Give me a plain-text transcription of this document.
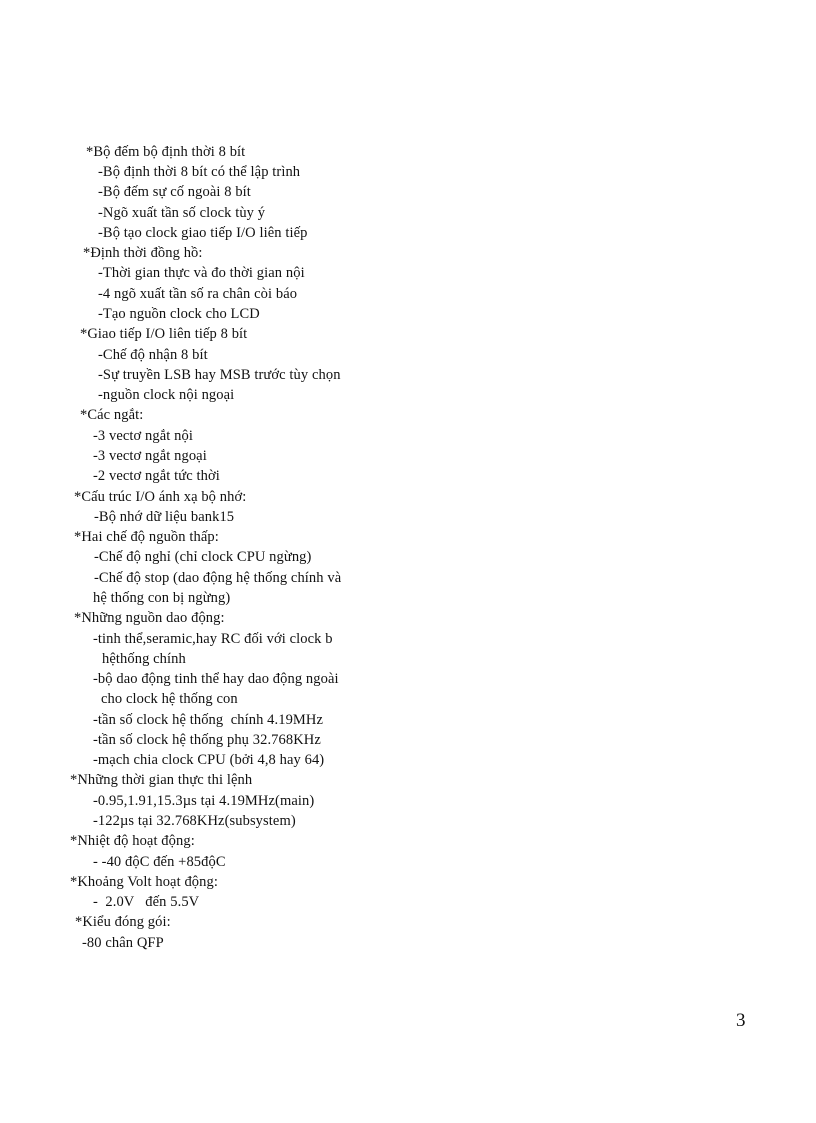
*Bộ đếm bộ định thời 8 bít
-Bộ định thời 8 bít có thể lập trình
-Bộ đếm sự cố ngoài 8 bít
-Ngõ xuất tần số clock tùy ý
-Bộ tạo clock giao tiếp I/O liên tiếp
*Định thời đồng hồ:
-Thời gian thực và đo thời gian nội
-4 ngõ xuất tần số ra chân còi báo
-Tạo nguồn clock cho LCD
*Giao tiếp I/O liên tiếp 8 bít
-Chế độ nhận 8 bít
-Sự truyền LSB hay MSB trước tùy chọn
-nguồn clock nội ngoại
*Các ngắt:
-3 vectơ ngắt nội
-3 vectơ ngắt ngoại
-2 vectơ ngắt tức thời
*Cấu trúc I/O ánh xạ bộ nhớ:
-Bộ nhớ dữ liệu bank15
*Hai chế độ nguồn thấp:
-Chế độ nghỉ (chỉ clock CPU ngừng)
-Chế độ stop (dao động hệ thống chính và
hệ thống con bị ngừng)
*Những nguồn dao động:
-tinh thể,seramic,hay RC đối với clock b
hệthống chính
-bộ dao động tinh thể hay dao động ngoài
cho clock hệ thống con
-tần số clock hệ thống  chính 4.19MHz
-tần số clock hệ thống phụ 32.768KHz
-mạch chia clock CPU (bởi 4,8 hay 64)
*Những thời gian thực thi lệnh
-0.95,1.91,15.3µs tại 4.19MHz(main)
-122µs tại 32.768KHz(subsystem)
*Nhiệt độ hoạt động:
- -40 độC đến +85độC
*Khoảng Volt hoạt động:
-  2.0V   đến 5.5V
*Kiểu đóng gói:
-80 chân QFP
3
